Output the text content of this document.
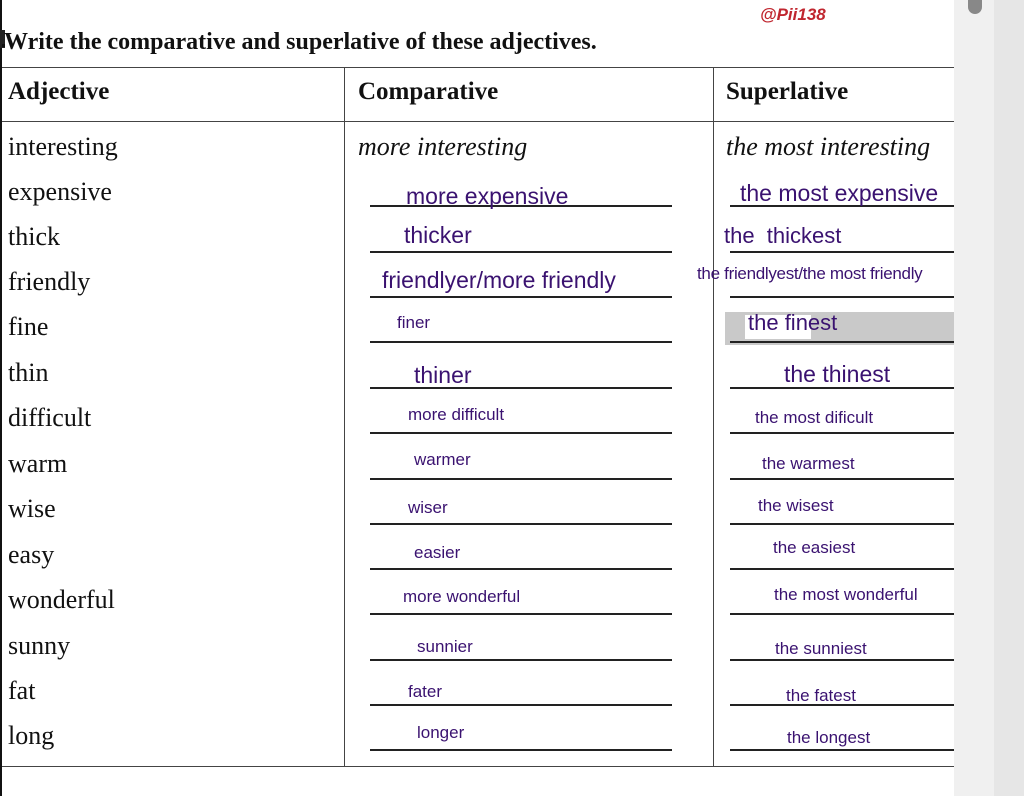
@Pii138
Write the comparative and superlative of these adjectives.
Adjective	Comparative	Superlative
interesting	more interesting	the most interesting
expensive	more expensive	the most expensive
thick	thicker	the  thickest
friendly	friendlyer/more friendly	the friendlyest/the most friendly
fine	finer	the finest
thin	thiner	the thinest
difficult	more difficult	the most dificult
warm	warmer	the warmest
wise	wiser	the wisest
easy	easier	the easiest
wonderful	more wonderful	the most wonderful
sunny	sunnier	the sunniest
fat	fater	the fatest
long	longer	the longest
